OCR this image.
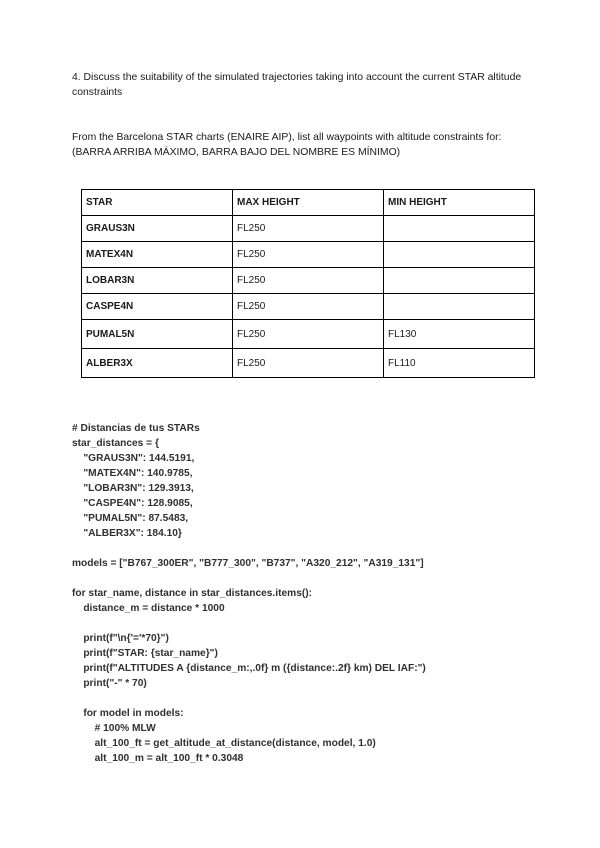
4. Discuss the suitability of the simulated trajectories taking into account the current STAR altitude constraints

From the Barcelona STAR charts (ENAIRE AIP), list all waypoints with altitude constraints for: (BARRA ARRIBA MÁXIMO, BARRA BAJO DEL NOMBRE ES MÍNIMO)

STAR	MAX HEIGHT	MIN HEIGHT
GRAUS3N	FL250	
MATEX4N	FL250	
LOBAR3N	FL250	
CASPE4N	FL250	
PUMAL5N	FL250	FL130
ALBER3X	FL250	FL110
# Distancias de tus STARs
star_distances = {
"GRAUS3N": 144.5191,
"MATEX4N": 140.9785,
"LOBAR3N": 129.3913,
"CASPE4N": 128.9085,
"PUMAL5N": 87.5483,
"ALBER3X": 184.10}
models = ["B767_300ER", "B777_300", "B737", "A320_212", "A319_131"]
for star_name, distance in star_distances.items():
distance_m = distance * 1000
print(f"\n{'='*70}")
print(f"STAR: {star_name}")
print(f"ALTITUDES A {distance_m:,.0f} m ({distance:.2f} km) DEL IAF:")
print("-" * 70)
for model in models:
# 100% MLW
alt_100_ft = get_altitude_at_distance(distance, model, 1.0)
alt_100_m = alt_100_ft * 0.3048
